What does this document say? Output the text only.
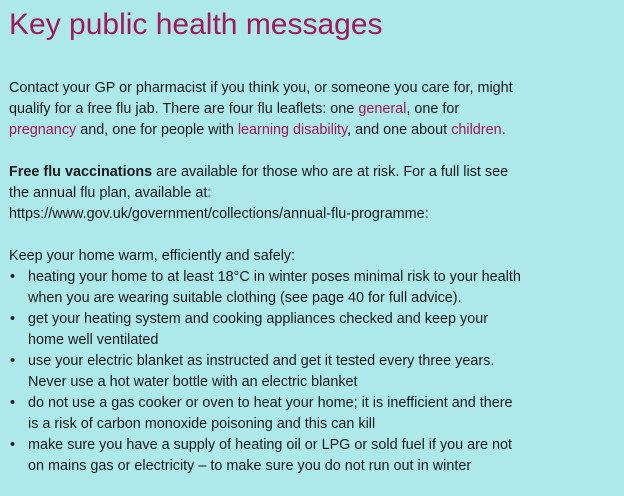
Key public health messages

Contact your GP or pharmacist if you think you, or someone you care for, might
qualify for a free flu jab. There are four flu leaflets: one general, one for
pregnancy and, one for people with learning disability, and one about children.

Free flu vaccinations are available for those who are at risk. For a full list see
the annual flu plan, available at:
https://www.gov.uk/government/collections/annual-flu-programme:

Keep your home warm, efficiently and safely:

• heating your home to at least 18°C in winter poses minimal risk to your health
when you are wearing suitable clothing (see page 40 for full advice).
• get your heating system and cooking appliances checked and keep your
home well ventilated
• use your electric blanket as instructed and get it tested every three years.
Never use a hot water bottle with an electric blanket
• do not use a gas cooker or oven to heat your home; it is inefficient and there
is a risk of carbon monoxide poisoning and this can kill
• make sure you have a supply of heating oil or LPG or sold fuel if you are not
on mains gas or electricity – to make sure you do not run out in winter
